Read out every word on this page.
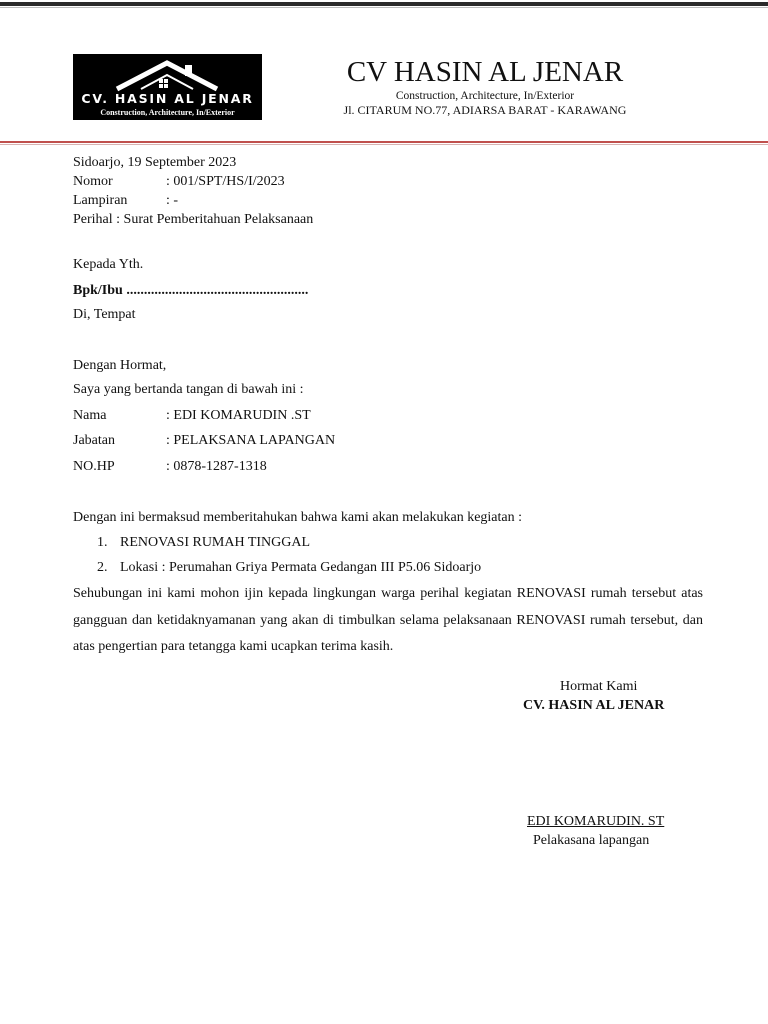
CV. HASIN AL JENAR
Construction, Architecture, In/Exterior
CV HASIN AL JENAR
Construction, Architecture, In/Exterior
Jl. CITARUM NO.77, ADIARSA BARAT - KARAWANG
Sidoarjo, 19 September 2023
Nomor	: 001/SPT/HS/I/2023
Lampiran	: -
Perihal : Surat Pemberitahuan Pelaksanaan
Kepada Yth.
Bpk/Ibu ....................................................
Di, Tempat
Dengan Hormat,
Saya yang bertanda tangan di bawah ini :
Nama	: EDI KOMARUDIN .ST
Jabatan	: PELAKSANA LAPANGAN
NO.HP	: 0878-1287-1318
Dengan ini bermaksud memberitahukan bahwa kami akan melakukan kegiatan :
1. RENOVASI RUMAH TINGGAL
2. Lokasi : Perumahan Griya Permata Gedangan III P5.06 Sidoarjo
Sehubungan ini kami mohon ijin kepada lingkungan warga perihal kegiatan RENOVASI rumah tersebut atas gangguan dan ketidaknyamanan yang akan di timbulkan selama pelaksanaan RENOVASI rumah tersebut, dan atas pengertian para tetangga kami ucapkan terima kasih.
Hormat Kami
CV. HASIN AL JENAR
EDI KOMARUDIN. ST
Pelakasana lapangan
